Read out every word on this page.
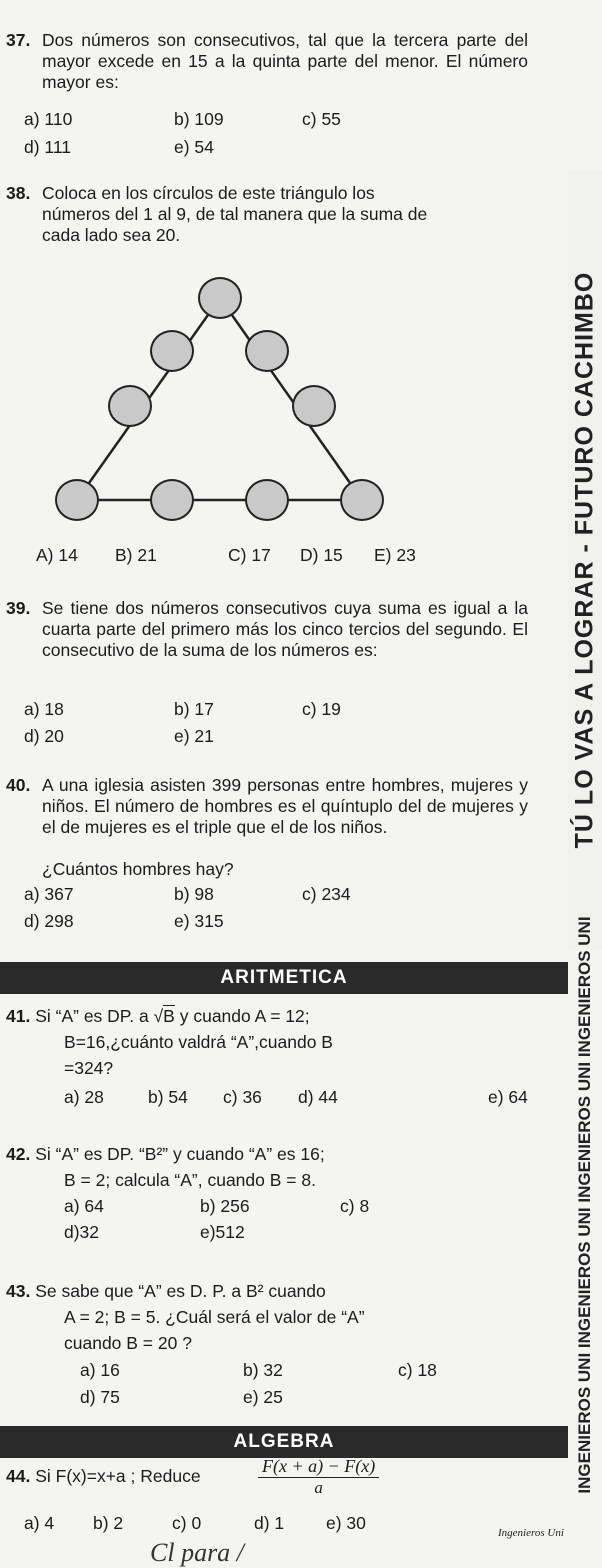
TÚ LO VAS A LOGRAR - FUTURO CACHIMBO
INGENIEROS UNI INGENIEROS UNI INGENIEROS UNI INGENIEROS UNI
37. Dos números son consecutivos, tal que la tercera parte del mayor excede en 15 a la quinta parte del menor. El número mayor es:
a) 110	b) 109	c) 55
d) 111	e) 54
38. Coloca en los círculos de este triángulo los números del 1 al 9, de tal manera que la suma de cada lado sea 20.
A) 14 B) 21	C) 17 D) 15 E) 23
39. Se tiene dos números consecutivos cuya suma es igual a la cuarta parte del primero más los cinco tercios del segundo. El consecutivo de la suma de los números es:
a) 18	b) 17	c) 19
d) 20	e) 21
40. A una iglesia asisten 399 personas entre hombres, mujeres y niños. El número de hombres es el quíntuplo del de mujeres y el de mujeres es el triple que el de los niños.
¿Cuántos hombres hay?
a) 367	b) 98	c) 234
d) 298	e) 315
ARITMETICA
41. Si “A” es DP. a √B y cuando A = 12;
B=16,¿cuánto valdrá “A”,cuando B
=324?
a) 28	b) 54 c) 36 d) 44	e) 64
42. Si “A” es DP. “B²” y cuando “A” es 16;
B = 2; calcula “A”, cuando B = 8.
a) 64	b) 256	c) 8
d)32	e)512
43. Se sabe que “A” es D. P. a B² cuando
A = 2; B = 5. ¿Cuál será el valor de “A”
cuando B = 20 ?
a) 16	b) 32	c) 18
d) 75	e) 25
ALGEBRA
44. Si F(x)=x+a ; Reduce	$\frac{F(x + a) - F(x)}{a}$
a) 4 b) 2	c) 0	d) 1 e) 30	Ingenieros Uni
Cl para /
